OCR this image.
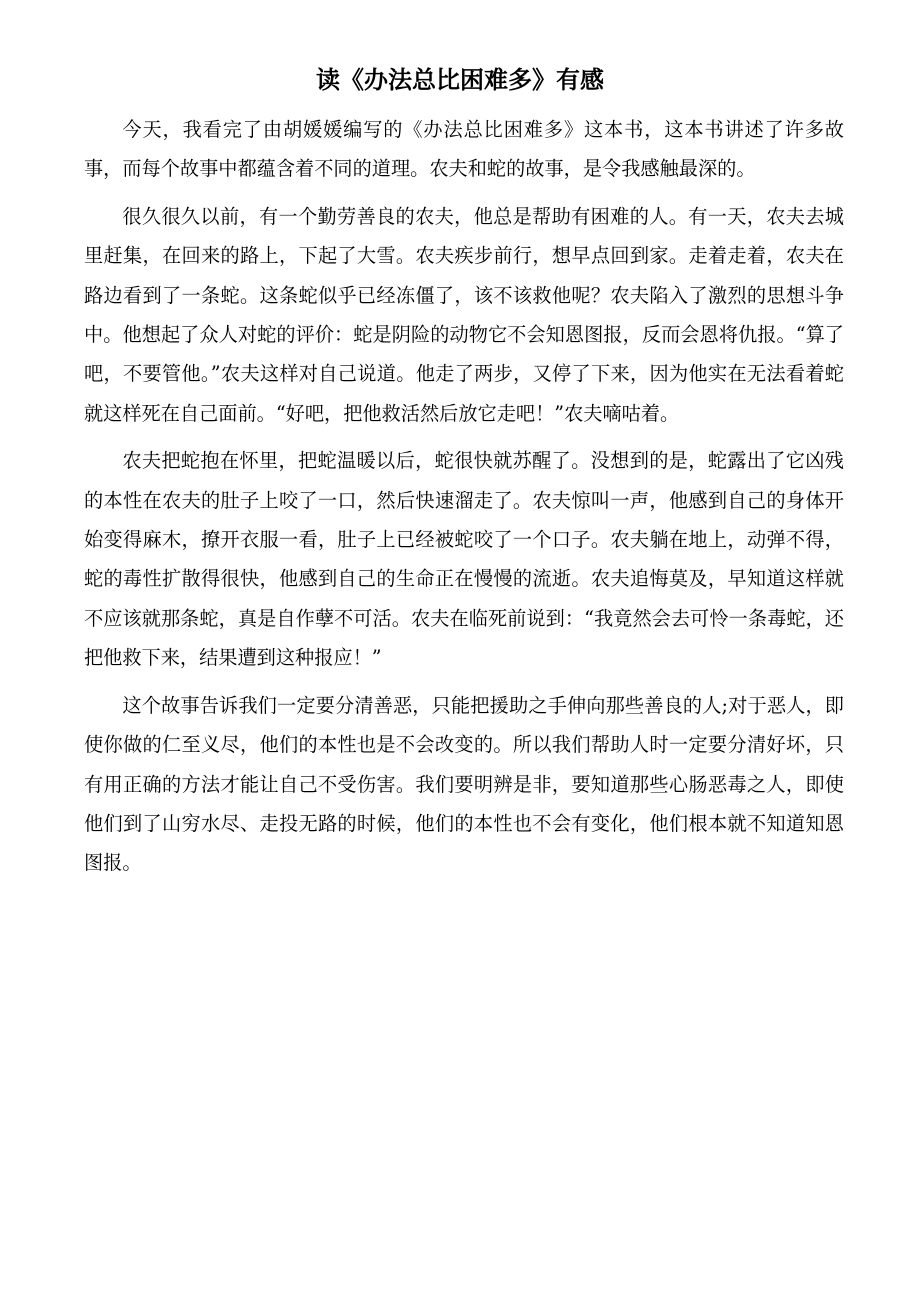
读《办法总比困难多》有感

今天，我看完了由胡媛媛编写的《办法总比困难多》这本书，这本书讲述了许多故事，而每个故事中都蕴含着不同的道理。农夫和蛇的故事，是令我感触最深的。

很久很久以前，有一个勤劳善良的农夫，他总是帮助有困难的人。有一天，农夫去城里赶集，在回来的路上，下起了大雪。农夫疾步前行，想早点回到家。走着走着，农夫在路边看到了一条蛇。这条蛇似乎已经冻僵了，该不该救他呢？农夫陷入了激烈的思想斗争中。他想起了众人对蛇的评价：蛇是阴险的动物它不会知恩图报，反而会恩将仇报。“算了吧，不要管他。”农夫这样对自己说道。他走了两步，又停了下来，因为他实在无法看着蛇就这样死在自己面前。“好吧，把他救活然后放它走吧！”农夫嘀咕着。

农夫把蛇抱在怀里，把蛇温暖以后，蛇很快就苏醒了。没想到的是，蛇露出了它凶残的本性在农夫的肚子上咬了一口，然后快速溜走了。农夫惊叫一声，他感到自己的身体开始变得麻木，撩开衣服一看，肚子上已经被蛇咬了一个口子。农夫躺在地上，动弹不得，蛇的毒性扩散得很快，他感到自己的生命正在慢慢的流逝。农夫追悔莫及，早知道这样就不应该就那条蛇，真是自作孽不可活。农夫在临死前说到：“我竟然会去可怜一条毒蛇，还把他救下来，结果遭到这种报应！”

这个故事告诉我们一定要分清善恶，只能把援助之手伸向那些善良的人;对于恶人，即使你做的仁至义尽，他们的本性也是不会改变的。所以我们帮助人时一定要分清好坏，只有用正确的方法才能让自己不受伤害。我们要明辨是非，要知道那些心肠恶毒之人，即使他们到了山穷水尽、走投无路的时候，他们的本性也不会有变化，他们根本就不知道知恩图报。
